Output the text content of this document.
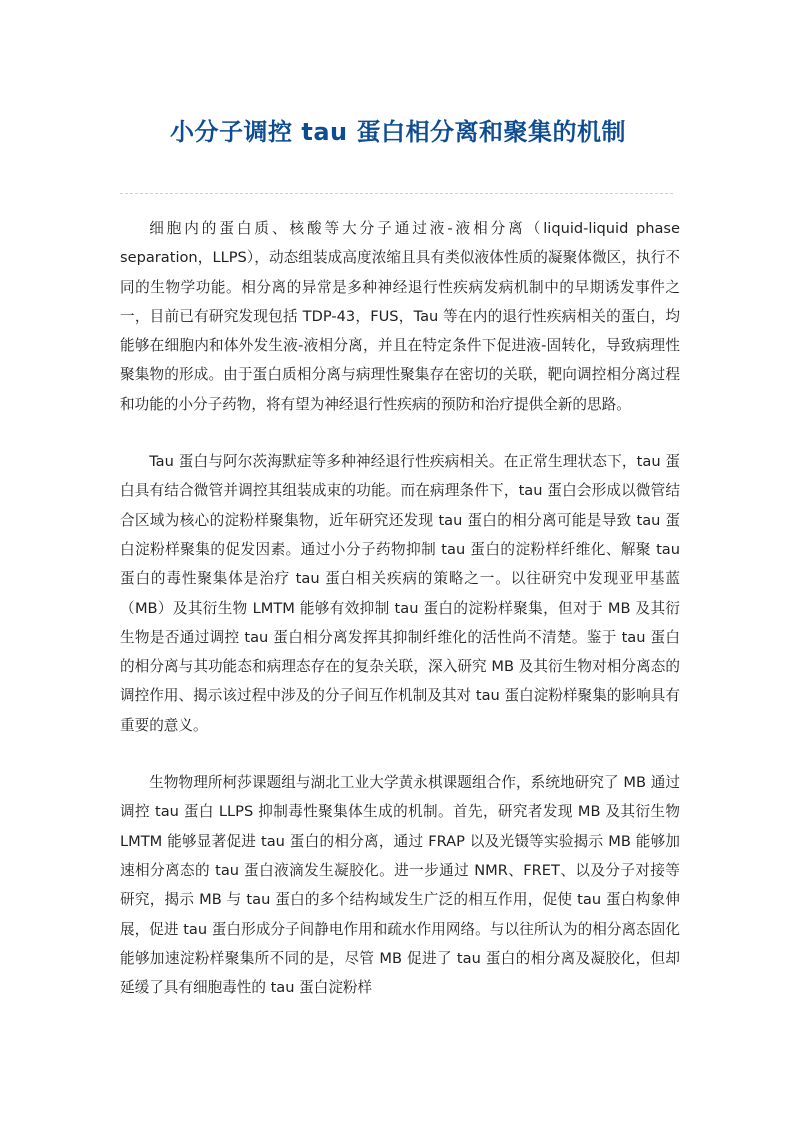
小分子调控 tau 蛋白相分离和聚集的机制

细胞内的蛋白质、核酸等大分子通过液-液相分离（liquid-liquid phase separation，LLPS），动态组装成高度浓缩且具有类似液体性质的凝聚体微区，执行不同的生物学功能。相分离的异常是多种神经退行性疾病发病机制中的早期诱发事件之一，目前已有研究发现包括 TDP-43，FUS，Tau 等在内的退行性疾病相关的蛋白，均能够在细胞内和体外发生液-液相分离，并且在特定条件下促进液-固转化，导致病理性聚集物的形成。由于蛋白质相分离与病理性聚集存在密切的关联，靶向调控相分离过程和功能的小分子药物，将有望为神经退行性疾病的预防和治疗提供全新的思路。

Tau 蛋白与阿尔茨海默症等多种神经退行性疾病相关。在正常生理状态下，tau 蛋白具有结合微管并调控其组装成束的功能。而在病理条件下，tau 蛋白会形成以微管结合区域为核心的淀粉样聚集物，近年研究还发现 tau 蛋白的相分离可能是导致 tau 蛋白淀粉样聚集的促发因素。通过小分子药物抑制 tau 蛋白的淀粉样纤维化、解聚 tau 蛋白的毒性聚集体是治疗 tau 蛋白相关疾病的策略之一。以往研究中发现亚甲基蓝（MB）及其衍生物 LMTM 能够有效抑制 tau 蛋白的淀粉样聚集，但对于 MB 及其衍生物是否通过调控 tau 蛋白相分离发挥其抑制纤维化的活性尚不清楚。鉴于 tau 蛋白的相分离与其功能态和病理态存在的复杂关联，深入研究 MB 及其衍生物对相分离态的调控作用、揭示该过程中涉及的分子间互作机制及其对 tau 蛋白淀粉样聚集的影响具有重要的意义。

生物物理所柯莎课题组与湖北工业大学黄永棋课题组合作，系统地研究了 MB 通过调控 tau 蛋白 LLPS 抑制毒性聚集体生成的机制。首先，研究者发现 MB 及其衍生物 LMTM 能够显著促进 tau 蛋白的相分离，通过 FRAP 以及光镊等实验揭示 MB 能够加速相分离态的 tau 蛋白液滴发生凝胶化。进一步通过 NMR、FRET、以及分子对接等研究，揭示 MB 与 tau 蛋白的多个结构域发生广泛的相互作用，促使 tau 蛋白构象伸展，促进 tau 蛋白形成分子间静电作用和疏水作用网络。与以往所认为的相分离态固化能够加速淀粉样聚集所不同的是，尽管 MB 促进了 tau 蛋白的相分离及凝胶化，但却延缓了具有细胞毒性的 tau 蛋白淀粉样
